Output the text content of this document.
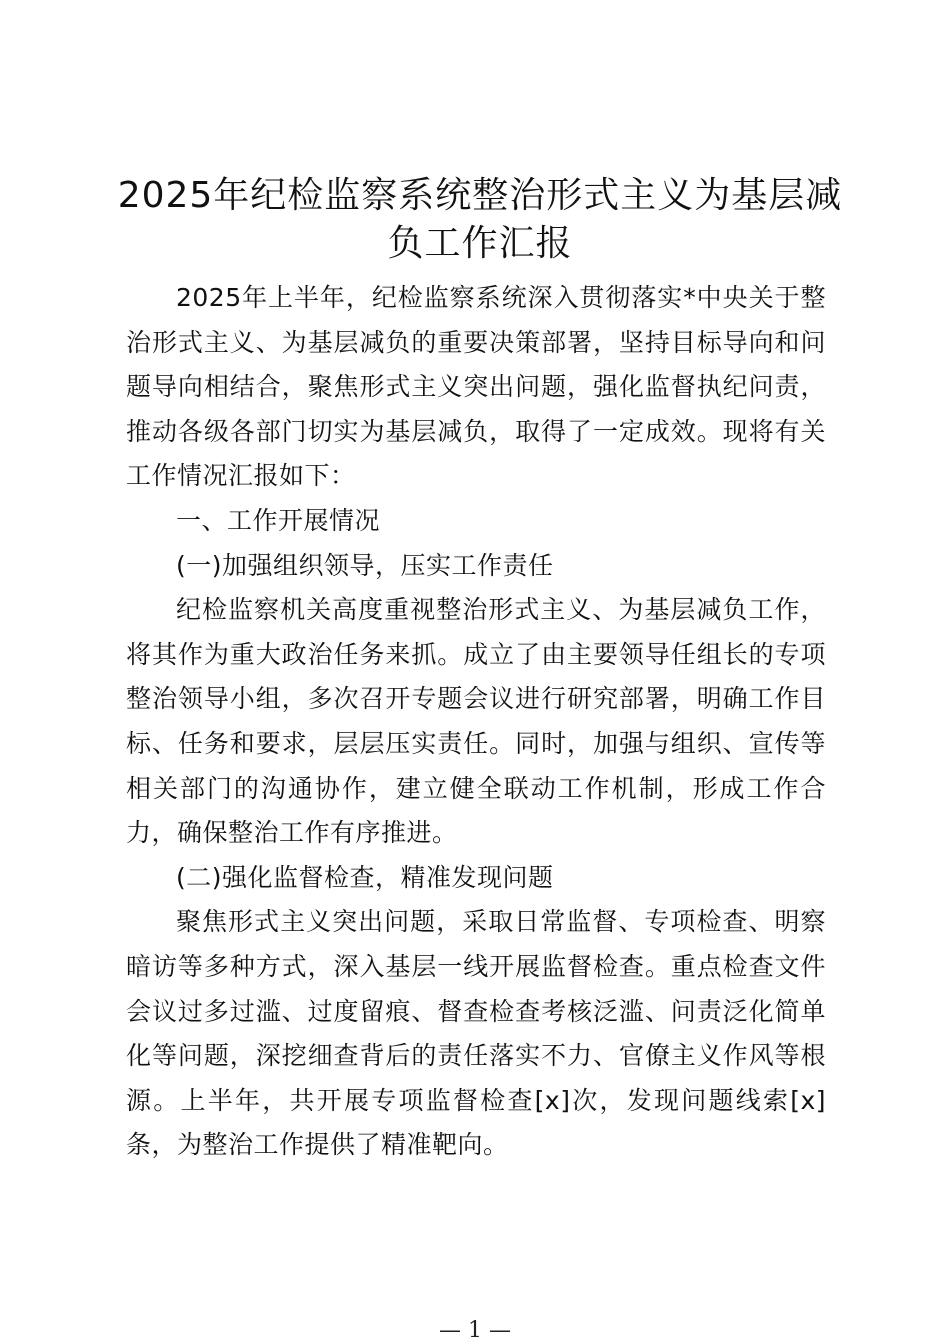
2025年纪检监察系统整治形式主义为基层减
负工作汇报

2025年上半年，纪检监察系统深入贯彻落实*中央关于整治形式主义、为基层减负的重要决策部署，坚持目标导向和问题导向相结合，聚焦形式主义突出问题，强化监督执纪问责，推动各级各部门切实为基层减负，取得了一定成效。现将有关工作情况汇报如下：

一、工作开展情况

(一)加强组织领导，压实工作责任

纪检监察机关高度重视整治形式主义、为基层减负工作，将其作为重大政治任务来抓。成立了由主要领导任组长的专项整治领导小组，多次召开专题会议进行研究部署，明确工作目标、任务和要求，层层压实责任。同时，加强与组织、宣传等相关部门的沟通协作，建立健全联动工作机制，形成工作合力，确保整治工作有序推进。

(二)强化监督检查，精准发现问题

聚焦形式主义突出问题，采取日常监督、专项检查、明察暗访等多种方式，深入基层一线开展监督检查。重点检查文件会议过多过滥、过度留痕、督查检查考核泛滥、问责泛化简单化等问题，深挖细查背后的责任落实不力、官僚主义作风等根源。上半年，共开展专项监督检查[x]次，发现问题线索[x]条，为整治工作提供了精准靶向。

— 1 —
